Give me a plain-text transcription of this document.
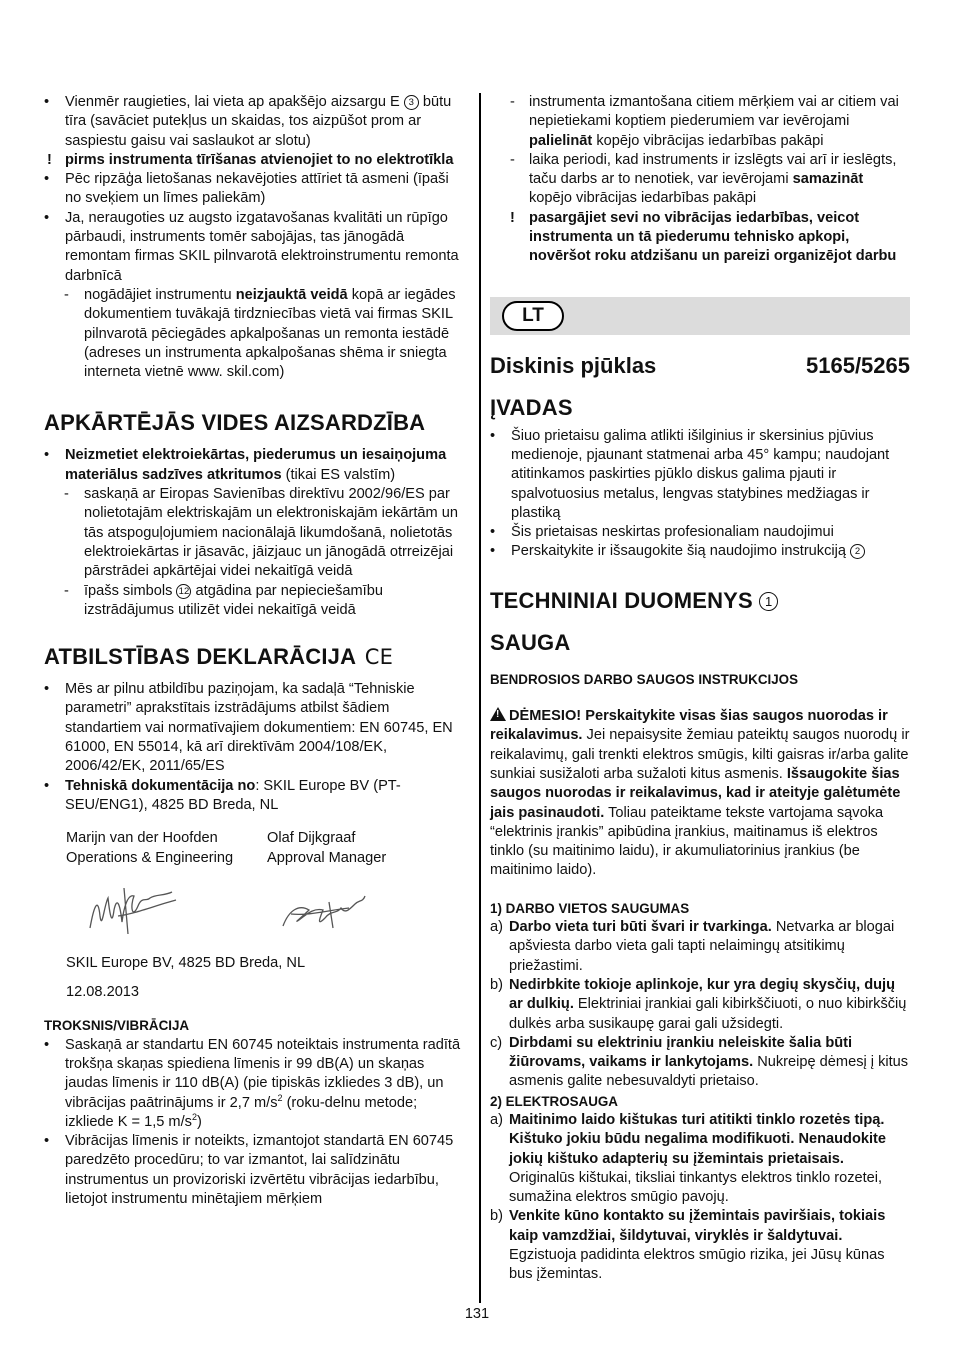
• Vienmēr raugieties, lai vieta ap apakšējo aizsargu E 3 būtu tīra (savāciet putekļus un skaidas, tos aizpūšot prom ar saspiestu gaisu vai saslaukot ar slotu)
! pirms instrumenta tīrīšanas atvienojiet to no elektrotīkla
• Pēc ripzāģa lietošanas nekavējoties attīriet tā asmeni (īpaši no sveķiem un līmes paliekām)
• Ja, neraugoties uz augsto izgatavošanas kvalitāti un rūpīgo pārbaudi, instruments tomēr sabojājas, tas jānogādā remontam firmas SKIL pilnvarotā elektroinstrumentu remonta darbnīcā
- nogādājiet instrumentu neizjauktā veidā kopā ar iegādes dokumentiem tuvākajā tirdzniecības vietā vai firmas SKIL pilnvarotā pēciegādes apkalpošanas un remonta iestādē (adreses un instrumenta apkalpošanas shēma ir sniegta interneta vietnē www. skil.com)
APKĀRTĒJĀS VIDES AIZSARDZĪBA
• Neizmetiet elektroiekārtas, piederumus un iesaiņojuma materiālus sadzīves atkritumos (tikai ES valstīm)
- saskaņā ar Eiropas Savienības direktīvu 2002/96/ES par nolietotajām elektriskajām un elektroniskajām iekārtām un tās atspoguļojumiem nacionālajā likumdošanā, nolietotās elektroiekārtas ir jāsavāc, jāizjauc un jānogādā otrreizējai pārstrādei apkārtējai videi nekaitīgā veidā
- īpašs simbols 12 atgādina par nepieciešamību izstrādājumus utilizēt videi nekaitīgā veidā
ATBILSTĪBAS DEKLARĀCIJA CE
• Mēs ar pilnu atbildību paziņojam, ka sadaļā “Tehniskie parametri” aprakstītais izstrādājums atbilst šādiem standartiem vai normatīvajiem dokumentiem: EN 60745, EN 61000, EN 55014, kā arī direktīvām 2004/108/EK, 2006/42/EK, 2011/65/ES
• Tehniskā dokumentācija no: SKIL Europe BV (PT-SEU/ENG1), 4825 BD Breda, NL

Marijn van der Hoofden

Operations & Engineering

Olaf Dijkgraaf

Approval Manager

SKIL Europe BV, 4825 BD Breda, NL

12.08.2013

TROKSNIS/VIBRĀCIJA

• Saskaņā ar standartu EN 60745 noteiktais instrumenta radītā trokšņa skaņas spiediena līmenis ir 99 dB(A) un skaņas jaudas līmenis ir 110 dB(A) (pie tipiskās izkliedes 3 dB), un vibrācijas paātrinājums ir 2,7 $m/s^2$ (roku-delnu metode; izkliede K = 1,5 $m/s^2$)
• Vibrācijas līmenis ir noteikts, izmantojot standartā EN 60745 paredzēto procedūru; to var izmantot, lai salīdzinātu instrumentus un provizoriski izvērtētu vibrācijas iedarbību, lietojot instrumentu minētajiem mērķiem
- instrumenta izmantošana citiem mērķiem vai ar citiem vai nepietiekami koptiem piederumiem var ievērojami palielināt kopējo vibrācijas iedarbības pakāpi
- laika periodi, kad instruments ir izslēgts vai arī ir ieslēgts, taču darbs ar to nenotiek, var ievērojami samazināt kopējo vibrācijas iedarbības pakāpi
! pasargājiet sevi no vibrācijas iedarbības, veicot instrumenta un tā piederumu tehnisko apkopi, novēršot roku atdzišanu un pareizi organizējot darbu
LT
Diskinis pjūklas	5165/5265
ĮVADAS
• Šiuo prietaisu galima atlikti išilginius ir skersinius pjūvius medienoje, pjaunant statmenai arba 45° kampu; naudojant atitinkamos paskirties pjūklo diskus galima pjauti ir spalvotuosius metalus, lengvas statybines medžiagas ir plastiką
• Šis prietaisas neskirtas profesionaliam naudojimui
• Perskaitykite ir išsaugokite šią naudojimo instrukciją 2
TECHNINIAI DUOMENYS 1
SAUGA

BENDROSIOS DARBO SAUGOS INSTRUKCIJOS

!DĖMESIO! Perskaitykite visas šias saugos nuorodas ir reikalavimus. Jei nepaisysite žemiau pateiktų saugos nuorodų ir reikalavimų, gali trenkti elektros smūgis, kilti gaisras ir/arba galite sunkiai susižaloti arba sužaloti kitus asmenis. Išsaugokite šias saugos nuorodas ir reikalavimus, kad ir ateityje galėtumėte jais pasinaudoti. Toliau pateiktame tekste vartojama sąvoka “elektrinis įrankis” apibūdina įrankius, maitinamus iš elektros tinklo (su maitinimo laidu), ir akumuliatorinius įrankius (be maitinimo laido).

1) DARBO VIETOS SAUGUMAS

a) Darbo vieta turi būti švari ir tvarkinga. Netvarka ar blogai apšviesta darbo vieta gali tapti nelaimingų atsitikimų priežastimi.
b) Nedirbkite tokioje aplinkoje, kur yra degių skysčių, dujų ar dulkių. Elektriniai įrankiai gali kibirkščiuoti, o nuo kibirkščių dulkės arba susikaupę garai gali užsidegti.
c) Dirbdami su elektriniu įrankiu neleiskite šalia būti žiūrovams, vaikams ir lankytojams. Nukreipę dėmesį į kitus asmenis galite nebesuvaldyti prietaiso.

2) ELEKTROSAUGA

a) Maitinimo laido kištukas turi atitikti tinklo rozetės tipą. Kištuko jokiu būdu negalima modifikuoti. Nenaudokite jokių kištuko adapterių su įžemintais prietaisais. Originalūs kištukai, tiksliai tinkantys elektros tinklo rozetei, sumažina elektros smūgio pavojų.
b) Venkite kūno kontakto su įžemintais paviršiais, tokiais kaip vamzdžiai, šildytuvai, viryklės ir šaldytuvai. Egzistuoja padidinta elektros smūgio rizika, jei Jūsų kūnas bus įžemintas.
131
